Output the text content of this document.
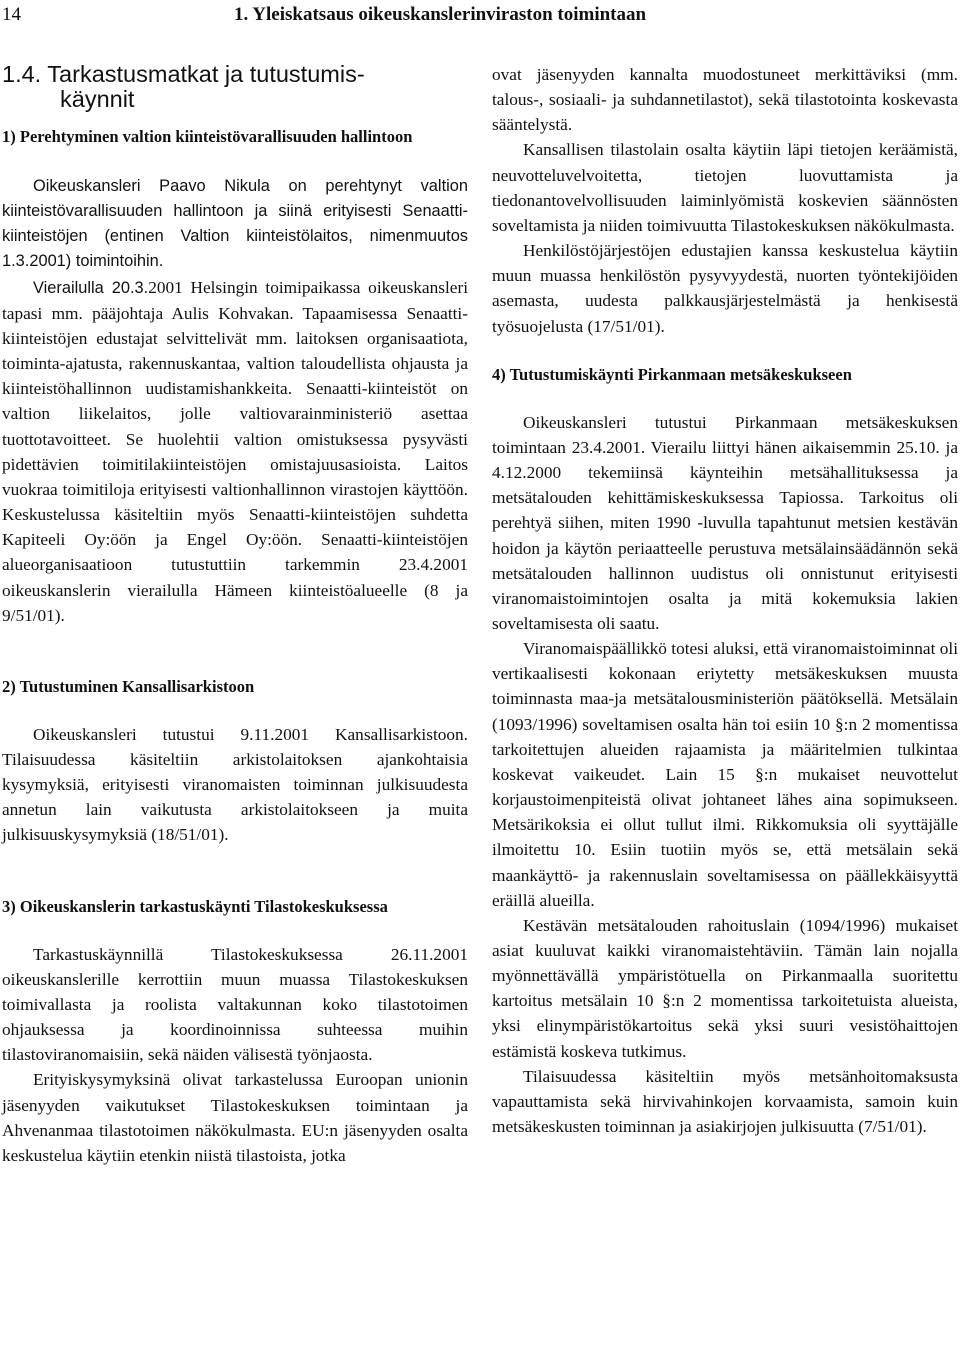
14	1. Yleiskatsaus oikeuskanslerinviraston toimintaan
1.4. Tarkastusmatkat ja tutustumis-
käynnit
1) Perehtyminen valtion kiinteistövarallisuuden hallintoon

Oikeuskansleri Paavo Nikula on perehtynyt valtion kiinteistövarallisuuden hallintoon ja siinä erityisesti Senaatti-kiinteistöjen (entinen Valtion kiinteistölaitos, nimenmuutos 1.3.2001) toimintoihin.

Vierailulla 20.3.2001 Helsingin toimipaikassa oikeuskansleri tapasi mm. pääjohtaja Aulis Kohvakan. Tapaamisessa Senaatti-kiinteistöjen edustajat selvittelivät mm. laitoksen organisaatiota, toiminta-ajatusta, rakennuskantaa, valtion taloudellista ohjausta ja kiinteistöhallinnon uudistamishankkeita. Senaatti-kiinteistöt on valtion liikelaitos, jolle valtiovarainministeriö asettaa tuottotavoitteet. Se huolehtii valtion omistuksessa pysyvästi pidettävien toimitilakiinteistöjen omistajuusasioista. Laitos vuokraa toimitiloja erityisesti valtionhallinnon virastojen käyttöön. Keskustelussa käsiteltiin myös Senaatti-kiinteistöjen suhdetta Kapiteeli Oy:öön ja Engel Oy:öön. Senaatti-kiinteistöjen alueorganisaatioon tutustuttiin tarkemmin 23.4.2001 oikeuskanslerin vierailulla Hämeen kiinteistöalueelle (8 ja 9/51/01).

2) Tutustuminen Kansallisarkistoon

Oikeuskansleri tutustui 9.11.2001 Kansallisarkistoon. Tilaisuudessa käsiteltiin arkistolaitoksen ajankohtaisia kysymyksiä, erityisesti viranomaisten toiminnan julkisuudesta annetun lain vaikutusta arkistolaitokseen ja muita julkisuuskysymyksiä (18/51/01).

3) Oikeuskanslerin tarkastuskäynti Tilastokeskuksessa

Tarkastuskäynnillä Tilastokeskuksessa 26.11.2001 oikeuskanslerille kerrottiin muun muassa Tilastokeskuksen toimivallasta ja roolista valtakunnan koko tilastotoimen ohjauksessa ja koordinoinnissa suhteessa muihin tilastoviranomaisiin, sekä näiden välisestä työnjaosta.

Erityiskysymyksinä olivat tarkastelussa Euroopan unionin jäsenyyden vaikutukset Tilastokeskuksen toimintaan ja Ahvenanmaa tilastotoimen näkökulmasta. EU:n jäsenyyden osalta keskustelua käytiin etenkin niistä tilastoista, jotka

ovat jäsenyyden kannalta muodostuneet merkittäviksi (mm. talous-, sosiaali- ja suhdannetilastot), sekä tilastotointa koskevasta sääntelystä.

Kansallisen tilastolain osalta käytiin läpi tietojen keräämistä, neuvotteluvelvoitetta, tietojen luovuttamista ja tiedonantovelvollisuuden laiminlyömistä koskevien säännösten soveltamista ja niiden toimivuutta Tilastokeskuksen näkökulmasta.

Henkilöstöjärjestöjen edustajien kanssa keskustelua käytiin muun muassa henkilöstön pysyvyydestä, nuorten työntekijöiden asemasta, uudesta palkkausjärjestelmästä ja henkisestä työsuojelusta (17/51/01).

4) Tutustumiskäynti Pirkanmaan metsäkeskukseen

Oikeuskansleri tutustui Pirkanmaan metsäkeskuksen toimintaan 23.4.2001. Vierailu liittyi hänen aikaisemmin 25.10. ja 4.12.2000 tekemiinsä käynteihin metsähallituksessa ja metsätalouden kehittämiskeskuksessa Tapiossa. Tarkoitus oli perehtyä siihen, miten 1990 -luvulla tapahtunut metsien kestävän hoidon ja käytön periaatteelle perustuva metsälainsäädännön sekä metsätalouden hallinnon uudistus oli onnistunut erityisesti viranomaistoimintojen osalta ja mitä kokemuksia lakien soveltamisesta oli saatu.

Viranomaispäällikkö totesi aluksi, että viranomaistoiminnat oli vertikaalisesti kokonaan eriytetty metsäkeskuksen muusta toiminnasta maa-ja metsätalousministeriön päätöksellä. Metsälain (1093/1996) soveltamisen osalta hän toi esiin 10 §:n 2 momentissa tarkoitettujen alueiden rajaamista ja määritelmien tulkintaa koskevat vaikeudet. Lain 15 §:n mukaiset neuvottelut korjaustoimenpiteistä olivat johtaneet lähes aina sopimukseen. Metsärikoksia ei ollut tullut ilmi. Rikkomuksia oli syyttäjälle ilmoitettu 10. Esiin tuotiin myös se, että metsälain sekä maankäyttö- ja rakennuslain soveltamisessa on päällekkäisyyttä eräillä alueilla.

Kestävän metsätalouden rahoituslain (1094/1996) mukaiset asiat kuuluvat kaikki viranomaistehtäviin. Tämän lain nojalla myönnettävällä ympäristötuella on Pirkanmaalla suoritettu kartoitus metsälain 10 §:n 2 momentissa tarkoitetuista alueista, yksi elinympäristökartoitus sekä yksi suuri vesistöhaittojen estämistä koskeva tutkimus.

Tilaisuudessa käsiteltiin myös metsänhoitomaksusta vapauttamista sekä hirvivahinkojen korvaamista, samoin kuin metsäkeskusten toiminnan ja asiakirjojen julkisuutta (7/51/01).
